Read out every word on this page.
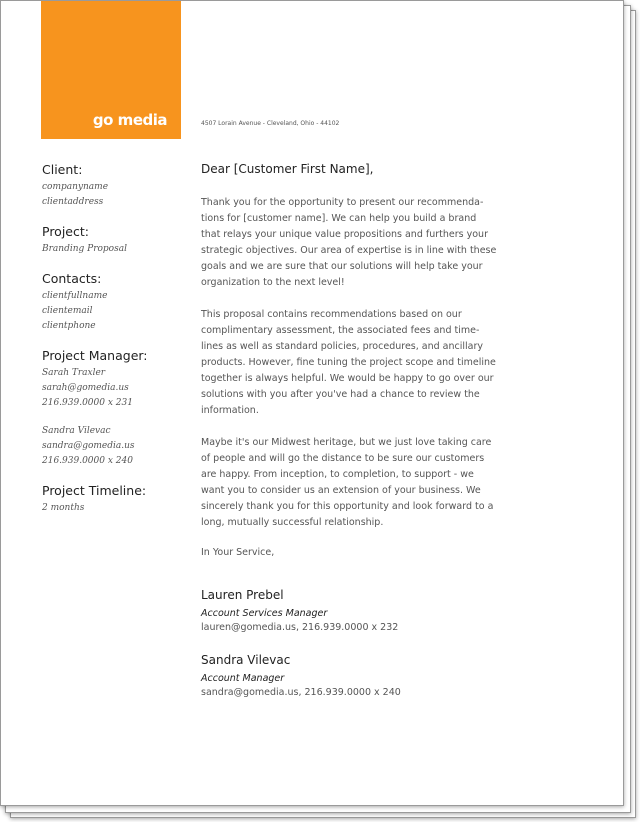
go media	4507 Lorain Avenue - Cleveland, Ohio - 44102
Client:
companyname
clientaddress
Project:
Branding Proposal
Contacts:
clientfullname
clientemail
clientphone
Project Manager:
Sarah Traxler
sarah@gomedia.us
216.939.0000 x 231
Sandra Vilevac
sandra@gomedia.us
216.939.0000 x 240
Project Timeline:
2 months
Dear [Customer First Name],

Thank you for the opportunity to present our recommenda-
tions for [customer name]. We can help you build a brand
that relays your unique value propositions and furthers your
strategic objectives. Our area of expertise is in line with these
goals and we are sure that our solutions will help take your
organization to the next level!

This proposal contains recommendations based on our
complimentary assessment, the associated fees and time-
lines as well as standard policies, procedures, and ancillary
products. However, fine tuning the project scope and timeline
together is always helpful. We would be happy to go over our
solutions with you after you've had a chance to review the
information.

Maybe it's our Midwest heritage, but we just love taking care
of people and will go the distance to be sure our customers
are happy. From inception, to completion, to support - we
want you to consider us an extension of your business. We
sincerely thank you for this opportunity and look forward to a
long, mutually successful relationship.

In Your Service,
Lauren Prebel
Account Services Manager
lauren@gomedia.us, 216.939.0000 x 232
Sandra Vilevac
Account Manager
sandra@gomedia.us, 216.939.0000 x 240
